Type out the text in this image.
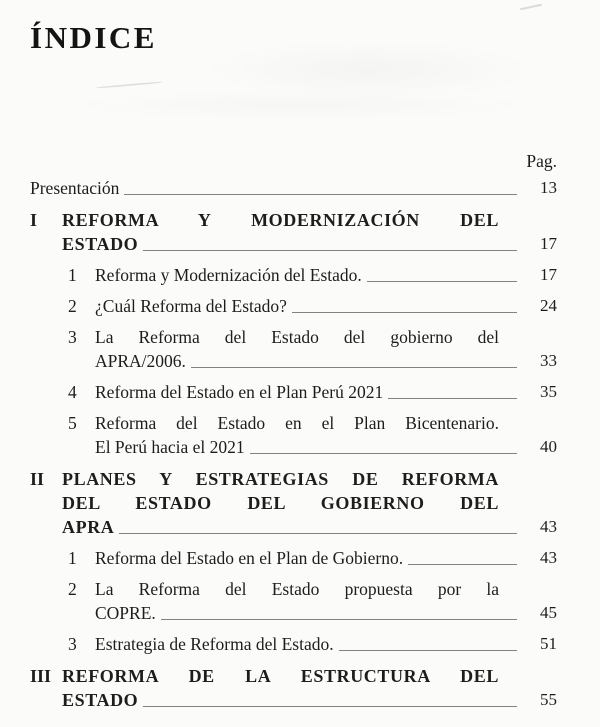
ÍNDICE
Pag.
Presentación	13
I	REFORMA Y MODERNIZACIÓN DEL
ESTADO	17
1	Reforma y Modernización del Estado.	17
2	¿Cuál Reforma del Estado?	24
3	La Reforma del Estado del gobierno del
APRA/2006.	33
4	Reforma del Estado en el Plan Perú 2021	35
5	Reforma del Estado en el Plan Bicentenario.
El Perú hacia el 2021	40
II PLANES Y ESTRATEGIAS DE REFORMA
DEL ESTADO DEL GOBIERNO DEL
APRA	43
1	Reforma del Estado en el Plan de Gobierno.	43
2	La Reforma del Estado propuesta por la
COPRE.	45
3	Estrategia de Reforma del Estado.	51
III REFORMA DE LA ESTRUCTURA DEL
ESTADO	55
